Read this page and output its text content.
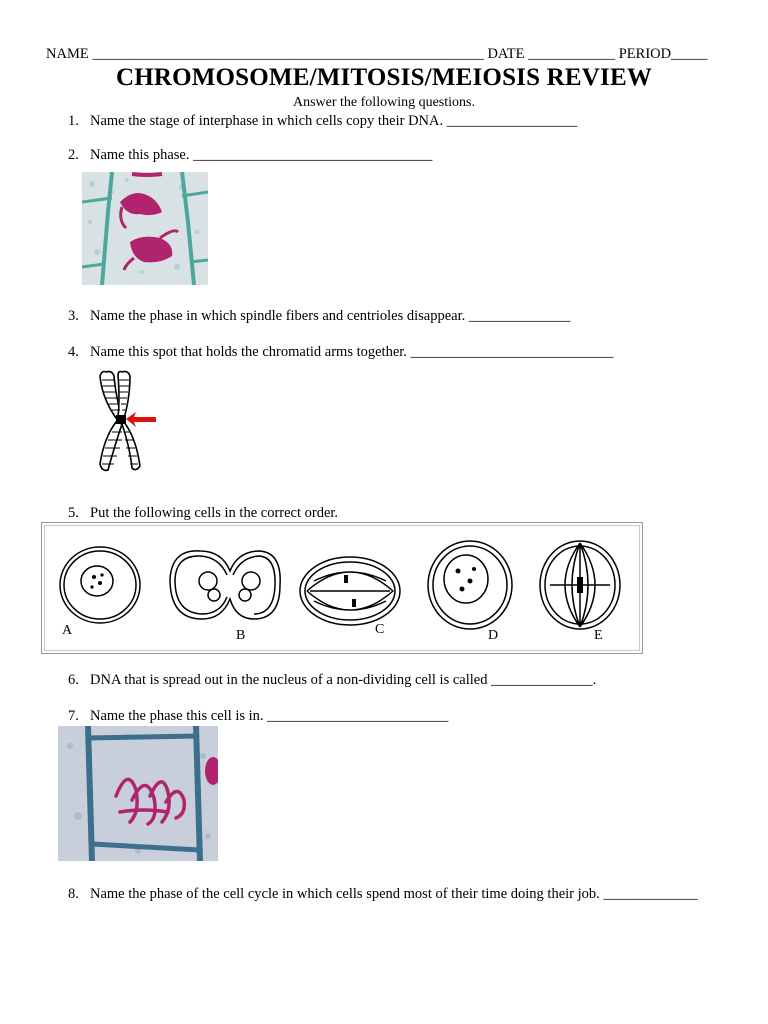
NAME ______________________________________________________ DATE ____________ PERIOD_____
CHROMOSOME/MITOSIS/MEIOSIS REVIEW
Answer the following questions.
1. Name the stage of interphase in which cells copy their DNA. __________________
2. Name this phase. _________________________________
3. Name the phase in which spindle fibers and centrioles disappear. ______________
4. Name this spot that holds the chromatid arms together. ____________________________
5. Put the following cells in the correct order.
A	B	C	D	E
6. DNA that is spread out in the nucleus of a non-dividing cell is called ______________.
7. Name the phase this cell is in. _________________________
8. Name the phase of the cell cycle in which cells spend most of their time doing their job. _____________
